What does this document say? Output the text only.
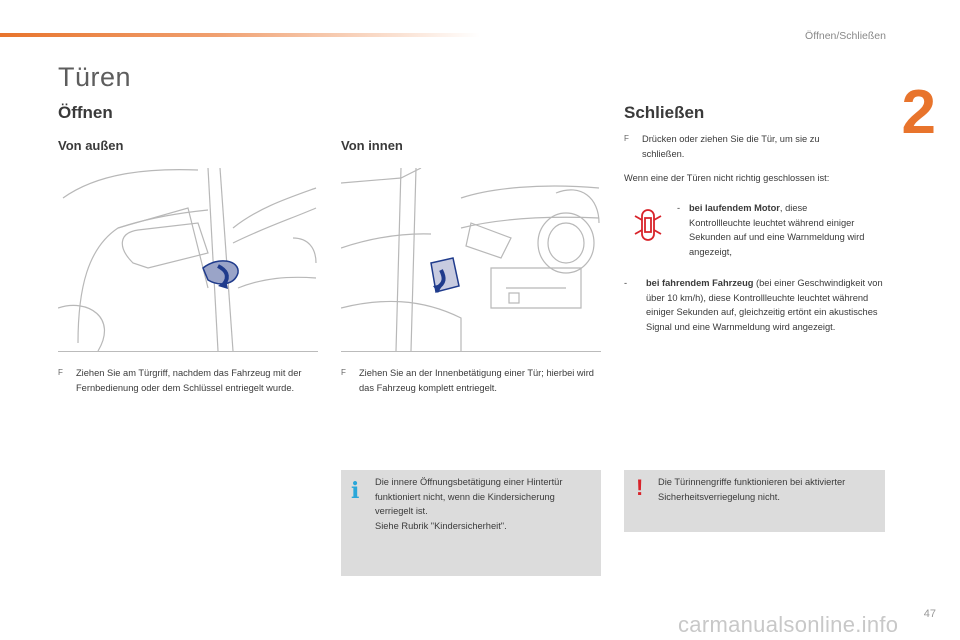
Öffnen/Schließen
2
Türen
Öffnen
Von außen	Von innen
F Ziehen Sie am Türgriff, nachdem das Fahrzeug mit der Fernbedienung oder dem Schlüssel entriegelt wurde.
F Ziehen Sie an der Innenbetätigung einer Tür; hierbei wird das Fahrzeug komplett entriegelt.
i Die innere Öffnungsbetätigung einer Hintertür funktioniert nicht, wenn die Kindersicherung verriegelt ist.
Siehe Rubrik "Kindersicherheit".
Schließen
F Drücken oder ziehen Sie die Tür, um sie zu schließen.
Wenn eine der Türen nicht richtig geschlossen ist:
- bei laufendem Motor, diese Kontrollleuchte leuchtet während einiger Sekunden auf und eine Warnmeldung wird angezeigt,
- bei fahrendem Fahrzeug (bei einer Geschwindigkeit von über 10 km/h), diese Kontrollleuchte leuchtet während einiger Sekunden auf, gleichzeitig ertönt ein akustisches Signal und eine Warnmeldung wird angezeigt.
! Die Türinnengriffe funktionieren bei aktivierter Sicherheitsverriegelung nicht.
carmanualsonline.info 47
